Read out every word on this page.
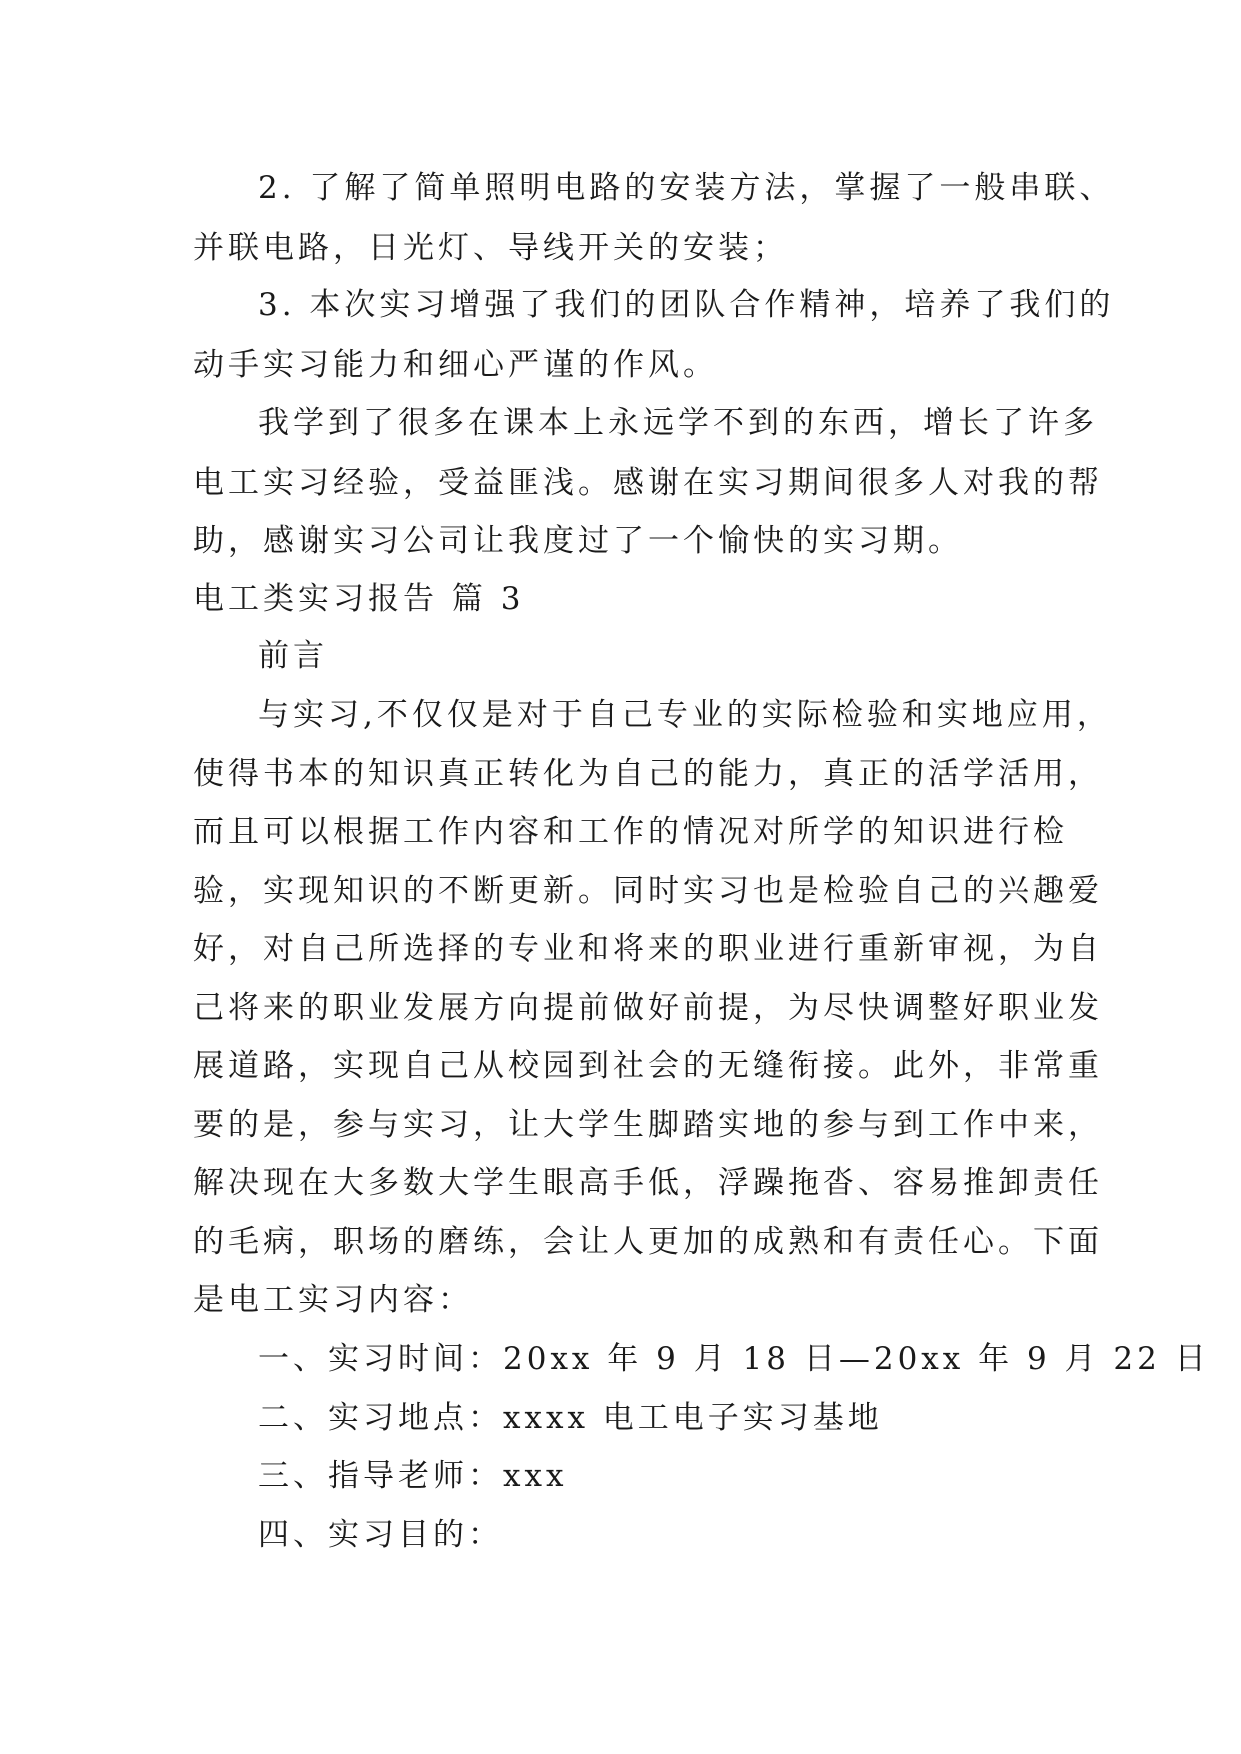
2. 了解了简单照明电路的安装方法，掌握了一般串联、

并联电路，日光灯、导线开关的安装；

3. 本次实习增强了我们的团队合作精神，培养了我们的

动手实习能力和细心严谨的作风。

我学到了很多在课本上永远学不到的东西，增长了许多

电工实习经验，受益匪浅。感谢在实习期间很多人对我的帮

助，感谢实习公司让我度过了一个愉快的实习期。

电工类实习报告 篇 3

前言

与实习,不仅仅是对于自己专业的实际检验和实地应用，

使得书本的知识真正转化为自己的能力，真正的活学活用，

而且可以根据工作内容和工作的情况对所学的知识进行检

验，实现知识的不断更新。同时实习也是检验自己的兴趣爱

好，对自己所选择的专业和将来的职业进行重新审视，为自

己将来的职业发展方向提前做好前提，为尽快调整好职业发

展道路，实现自己从校园到社会的无缝衔接。此外，非常重

要的是，参与实习，让大学生脚踏实地的参与到工作中来，

解决现在大多数大学生眼高手低，浮躁拖沓、容易推卸责任

的毛病，职场的磨练，会让人更加的成熟和有责任心。下面

是电工实习内容：

一、实习时间：20xx 年 9 月 18 日—20xx 年 9 月 22 日

二、实习地点：xxxx 电工电子实习基地

三、指导老师：xxx

四、实习目的：
